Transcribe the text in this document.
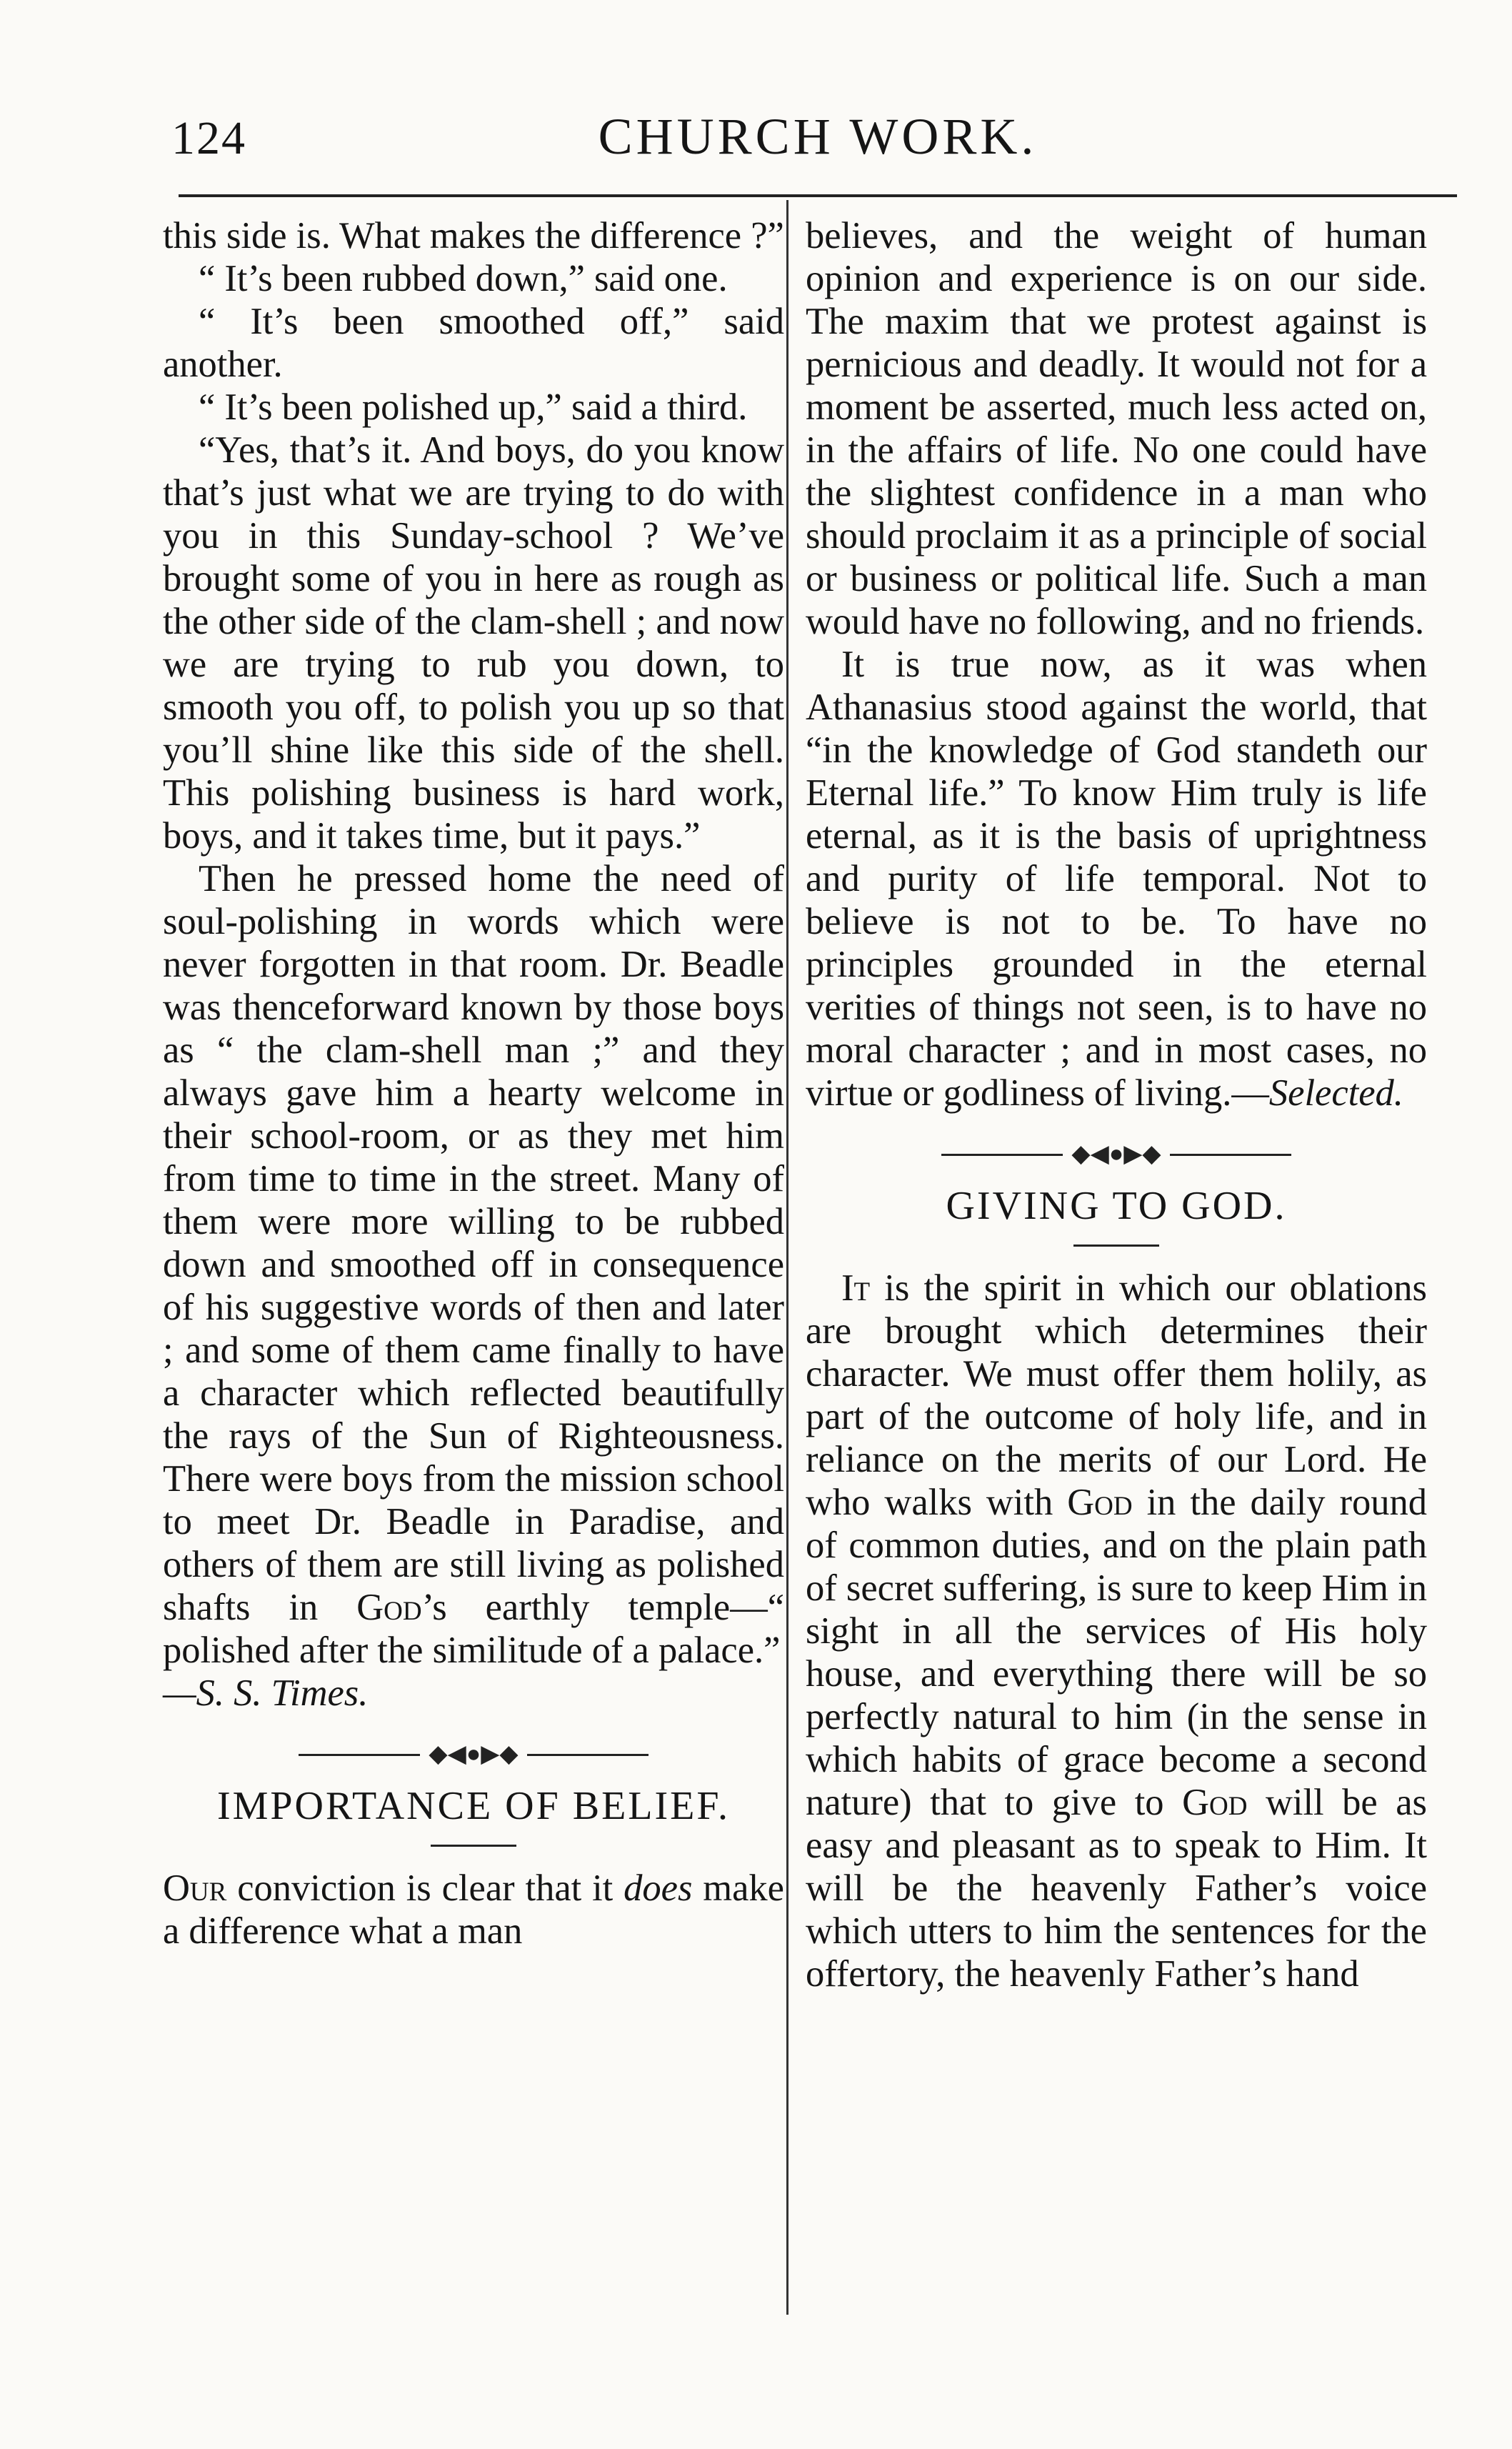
124	CHURCH WORK.

this side is. What makes the difference ?”

“ It’s been rubbed down,” said one.

“ It’s been smoothed off,” said another.

“ It’s been polished up,” said a third.

“Yes, that’s it. And boys, do you know that’s just what we are trying to do with you in this Sunday-school ? We’ve brought some of you in here as rough as the other side of the clam-shell ; and now we are trying to rub you down, to smooth you off, to polish you up so that you’ll shine like this side of the shell. This polishing business is hard work, boys, and it takes time, but it pays.”

Then he pressed home the need of soul-polishing in words which were never forgotten in that room. Dr. Beadle was thenceforward known by those boys as “ the clam-shell man ;” and they always gave him a hearty welcome in their school-room, or as they met him from time to time in the street. Many of them were more willing to be rubbed down and smoothed off in consequence of his suggestive words of then and later ; and some of them came finally to have a character which reflected beautifully the rays of the Sun of Righteousness. There were boys from the mission school to meet Dr. Beadle in Paradise, and others of them are still living as polished shafts in God’s earthly temple—“ polished after the similitude of a palace.”

—S. S. Times.

◆◀●▶◆
IMPORTANCE OF BELIEF.

Our conviction is clear that it does make a difference what a man

believes, and the weight of human opinion and experience is on our side. The maxim that we protest against is pernicious and deadly. It would not for a moment be asserted, much less acted on, in the affairs of life. No one could have the slightest confidence in a man who should proclaim it as a principle of social or business or political life. Such a man would have no following, and no friends.

It is true now, as it was when Athanasius stood against the world, that “in the knowledge of God standeth our Eternal life.” To know Him truly is life eternal, as it is the basis of uprightness and purity of life temporal. Not to believe is not to be. To have no principles grounded in the eternal verities of things not seen, is to have no moral character ; and in most cases, no virtue or godliness of living.—Selected.

◆◀●▶◆
GIVING TO GOD.

It is the spirit in which our oblations are brought which determines their character. We must offer them holily, as part of the outcome of holy life, and in reliance on the merits of our Lord. He who walks with God in the daily round of common duties, and on the plain path of secret suffering, is sure to keep Him in sight in all the services of His holy house, and everything there will be so perfectly natural to him (in the sense in which habits of grace become a second nature) that to give to God will be as easy and pleasant as to speak to Him. It will be the heavenly Father’s voice which utters to him the sentences for the offertory, the heavenly Father’s hand
